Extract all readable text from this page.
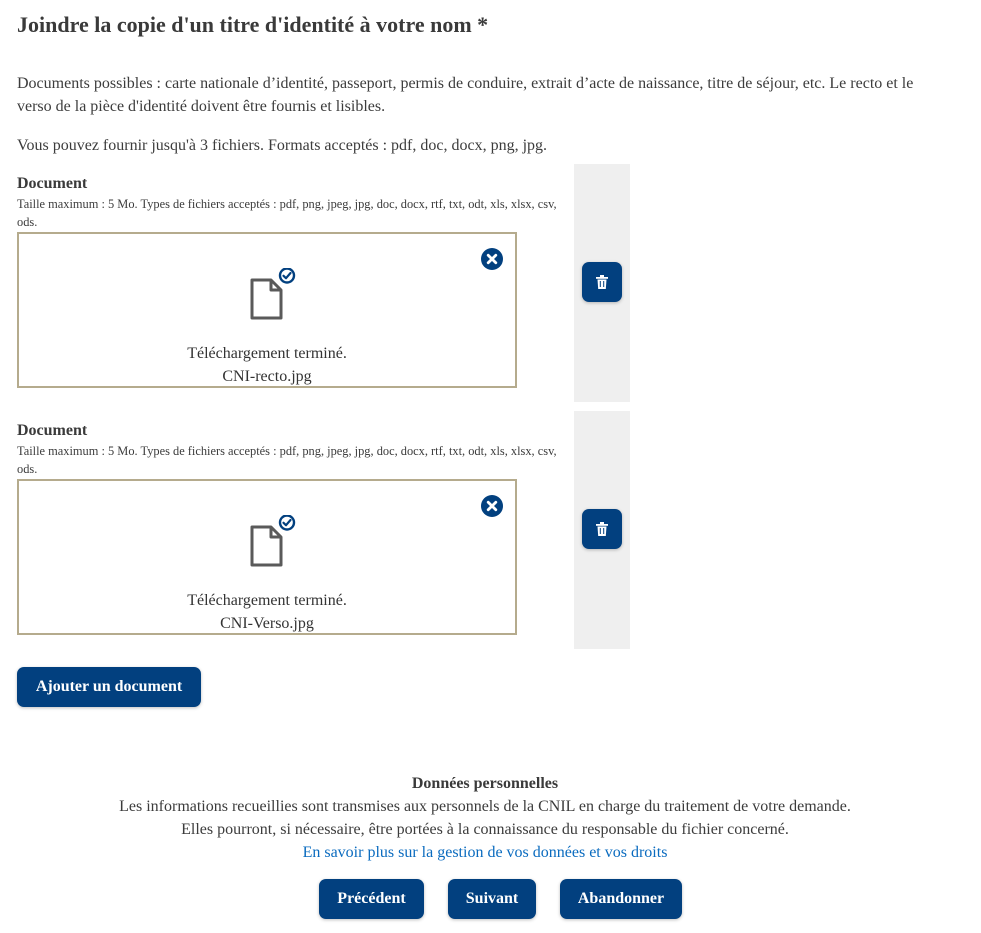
Joindre la copie d'un titre d'identité à votre nom *

Documents possibles : carte nationale d’identité, passeport, permis de conduire, extrait d’acte de naissance, titre de séjour, etc. Le recto et le verso de la pièce d'identité doivent être fournis et lisibles.

Vous pouvez fournir jusqu'à 3 fichiers. Formats acceptés : pdf, doc, docx, png, jpg.

Document
Taille maximum : 5 Mo. Types de fichiers acceptés : pdf, png, jpeg, jpg, doc, docx, rtf, txt, odt, xls, xlsx, csv, ods.
Téléchargement terminé.
CNI-recto.jpg
Document
Taille maximum : 5 Mo. Types de fichiers acceptés : pdf, png, jpeg, jpg, doc, docx, rtf, txt, odt, xls, xlsx, csv, ods.
Téléchargement terminé.
CNI-Verso.jpg
Ajouter un document
Données personnelles
Les informations recueillies sont transmises aux personnels de la CNIL en charge du traitement de votre demande.
Elles pourront, si nécessaire, être portées à la connaissance du responsable du fichier concerné.
En savoir plus sur la gestion de vos données et vos droits
Précédent	Suivant	Abandonner
